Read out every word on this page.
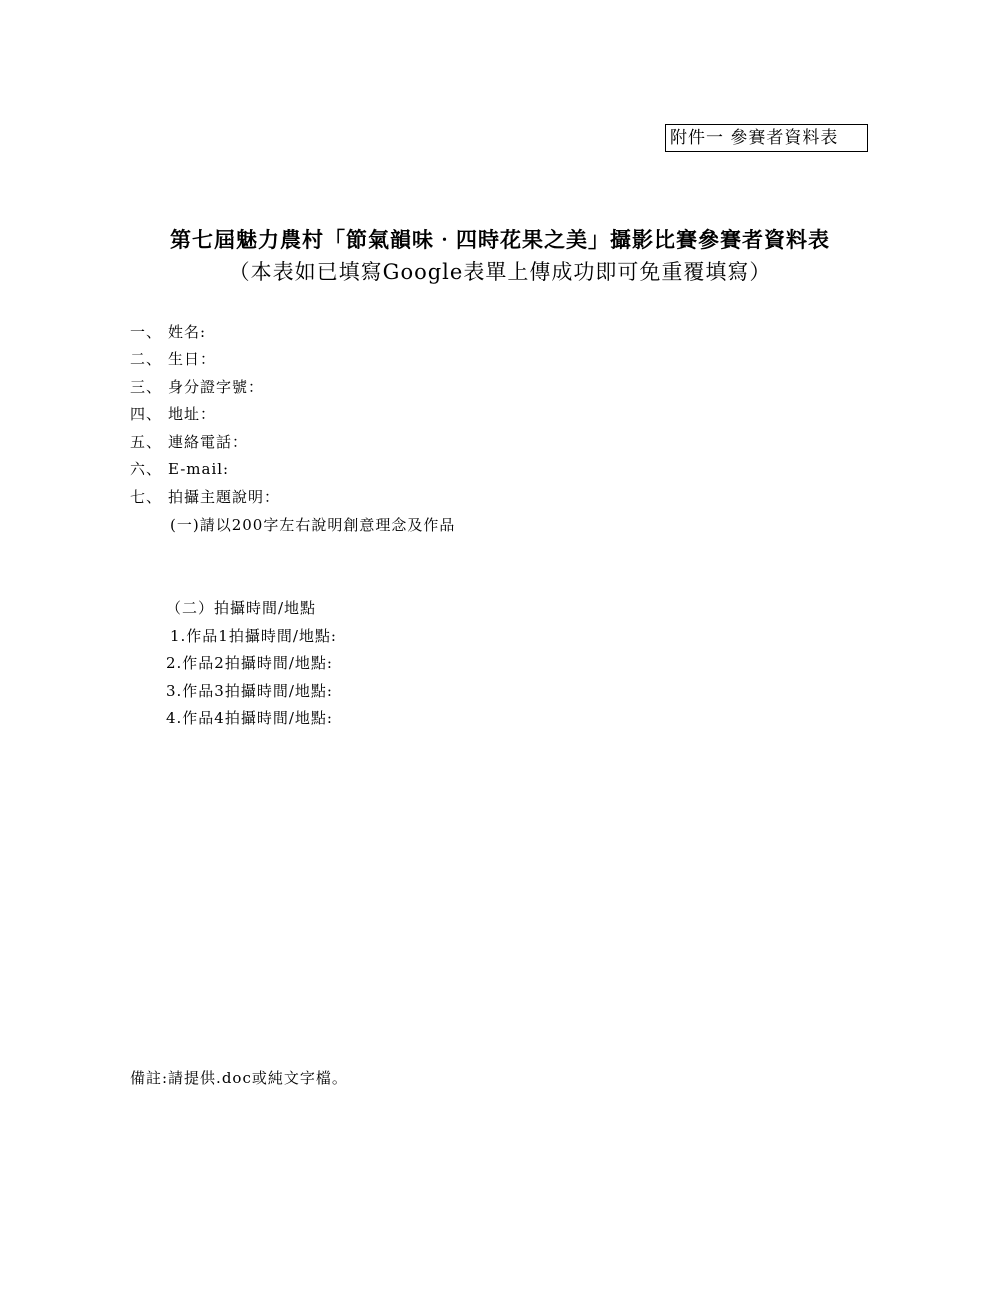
附件一 參賽者資料表
第七屆魅力農村「節氣韻味‧四時花果之美」攝影比賽參賽者資料表
（本表如已填寫Google表單上傳成功即可免重覆填寫）
一、 姓名:
二、 生日：
三、 身分證字號：
四、 地址：
五、 連絡電話：
六、 E-mail:
七、 拍攝主題說明：
(一)請以200字左右說明創意理念及作品
（二）拍攝時間/地點
1.作品1拍攝時間/地點:
2.作品2拍攝時間/地點:
3.作品3拍攝時間/地點:
4.作品4拍攝時間/地點:
備註:請提供.doc或純文字檔。
